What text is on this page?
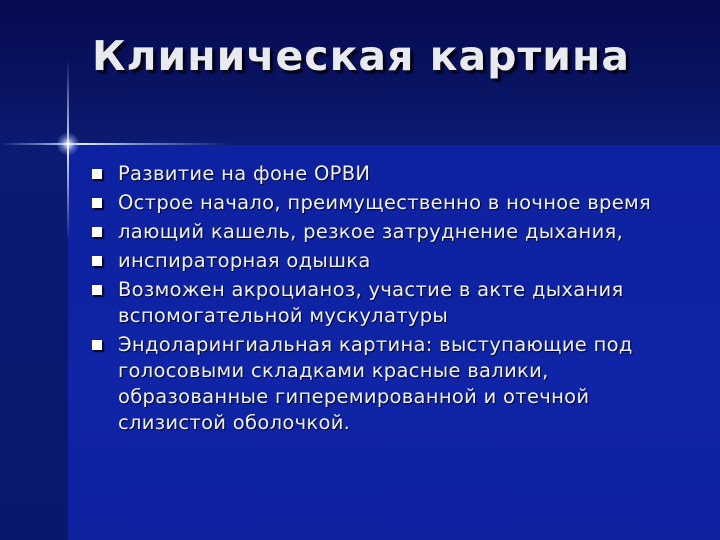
Клиническая картина
Развитие на фоне ОРВИ
Острое начало, преимущественно в ночное время
лающий кашель, резкое затруднение дыхания,
инспираторная одышка
Возможен акроцианоз, участие в акте дыхания вспомогательной мускулатуры
Эндоларингиальная картина: выступающие под голосовыми складками красные валики, образованные гиперемированной и отечной слизистой оболочкой.
